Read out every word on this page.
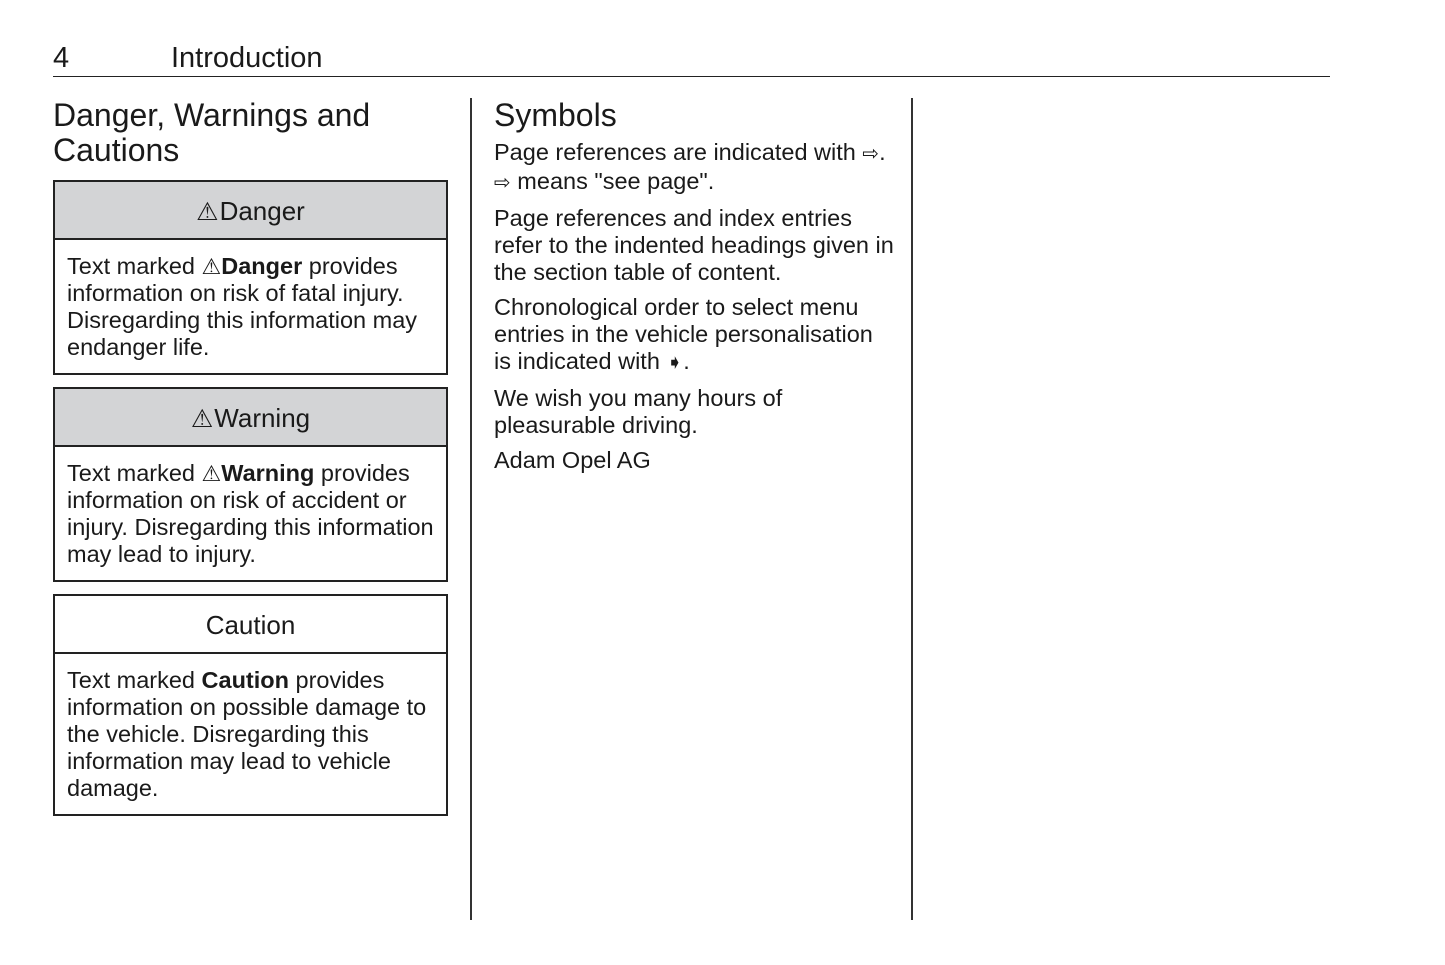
4	Introduction
Danger, Warnings and Cautions
⚠Danger
Text marked ⚠Danger provides information on risk of fatal injury. Disregarding this information may endanger life.
⚠Warning
Text marked ⚠Warning provides information on risk of accident or injury. Disregarding this information may lead to injury.
Caution
Text marked Caution provides information on possible damage to the vehicle. Disregarding this information may lead to vehicle damage.
Symbols

Page references are indicated with ⇨.
⇨ means "see page".

Page references and index entries refer to the indented headings given in the section table of content.

Chronological order to select menu entries in the vehicle personalisation is indicated with ➧.

We wish you many hours of pleasurable driving.

Adam Opel AG
